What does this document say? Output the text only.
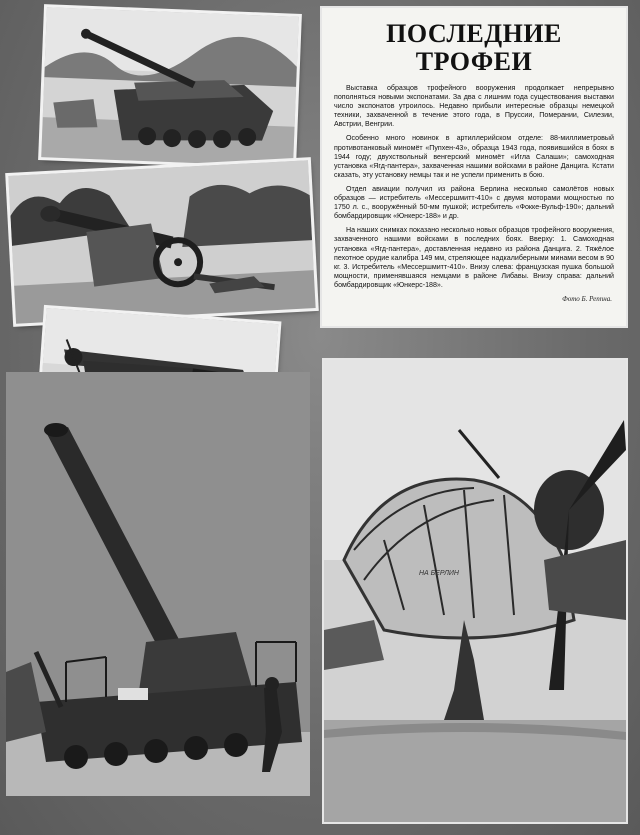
НА БЕРЛИН
ПОСЛЕДНИЕ ТРОФЕИ

Выставка образцов трофейного вооружения продолжает непрерывно пополняться новыми экспонатами. За два с лишним года существования выставки число экспонатов утроилось. Недавно прибыли интересные образцы немецкой техники, захваченной в течение этого года, в Пруссии, Померании, Силезии, Австрии, Венгрии.

Особенно много новинок в артиллерийском отделе: 88-миллиметровый противотанковый миномёт «Пупхен-43», образца 1943 года, появившийся в боях в 1944 году; двухствольный венгерский миномёт «Игла Салаши»; самоходная установка «Ягд-пантера», захваченная нашими войсками в районе Данцига. Кстати сказать, эту установку немцы так и не успели применить в бою.

Отдел авиации получил из района Берлина несколько самолётов новых образцов — истребитель «Мессершмитт-410» с двумя моторами мощностью по 1750 л. с., вооружённый 50-мм пушкой; истребитель «Фокке-Вульф-190»; дальний бомбардировщик «Юнкерс-188» и др.

На наших снимках показано несколько новых образцов трофейного вооружения, захваченного нашими войсками в последних боях. Вверху: 1. Самоходная установка «Ягд-пантера», доставленная недавно из района Данцига. 2. Тяжёлое пехотное орудие калибра 149 мм, стреляющее надкалиберными минами весом в 90 кг. 3. Истребитель «Мессершмитт-410». Внизу слева: французская пушка большой мощности, применявшаяся немцами в районе Либавы. Внизу справа: дальний бомбардировщик «Юнкерс-188».

Фото Б. Реппна.
